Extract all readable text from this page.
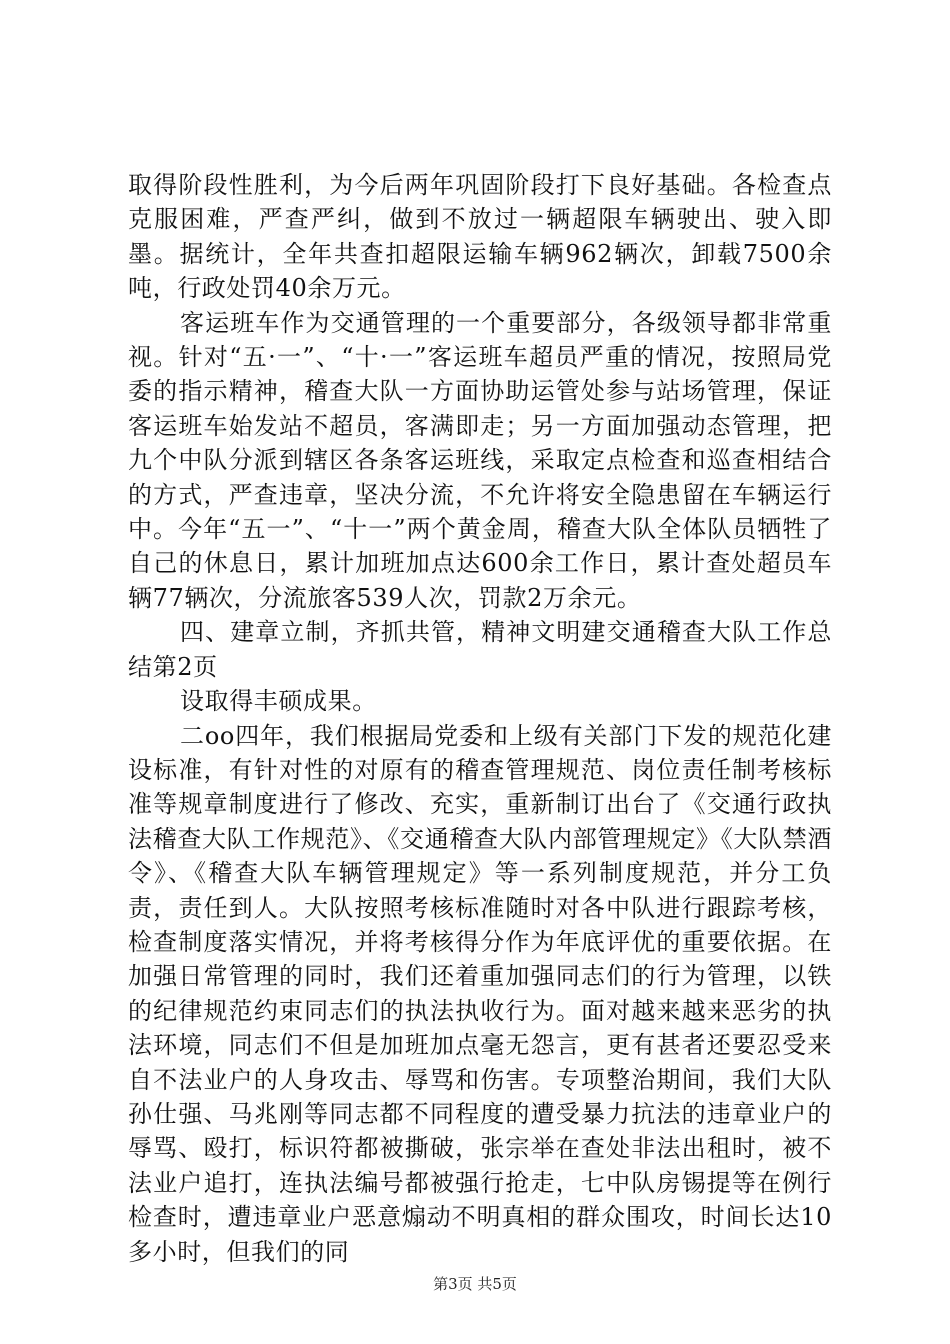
取得阶段性胜利，为今后两年巩固阶段打下良好基础。各检查点克服困难，严查严纠，做到不放过一辆超限车辆驶出、驶入即墨。据统计，全年共查扣超限运输车辆962辆次，卸载7500余吨，行政处罚40余万元。

客运班车作为交通管理的一个重要部分，各级领导都非常重视。针对“五·一”、“十·一”客运班车超员严重的情况，按照局党委的指示精神，稽查大队一方面协助运管处参与站场管理，保证客运班车始发站不超员，客满即走；另一方面加强动态管理，把九个中队分派到辖区各条客运班线，采取定点检查和巡查相结合的方式，严查违章，坚决分流，不允许将安全隐患留在车辆运行中。今年“五一”、“十一”两个黄金周，稽查大队全体队员牺牲了自己的休息日，累计加班加点达600余工作日，累计查处超员车辆77辆次，分流旅客539人次，罚款2万余元。

四、建章立制，齐抓共管，精神文明建交通稽查大队工作总结第2页

设取得丰硕成果。

二oo四年，我们根据局党委和上级有关部门下发的规范化建设标准，有针对性的对原有的稽查管理规范、岗位责任制考核标准等规章制度进行了修改、充实，重新制订出台了《交通行政执法稽查大队工作规范》、《交通稽查大队内部管理规定》《大队禁酒令》、《稽查大队车辆管理规定》等一系列制度规范，并分工负责，责任到人。大队按照考核标准随时对各中队进行跟踪考核，检查制度落实情况，并将考核得分作为年底评优的重要依据。在加强日常管理的同时，我们还着重加强同志们的行为管理，以铁的纪律规范约束同志们的执法执收行为。面对越来越来恶劣的执法环境，同志们不但是加班加点毫无怨言，更有甚者还要忍受来自不法业户的人身攻击、辱骂和伤害。专项整治期间，我们大队孙仕强、马兆刚等同志都不同程度的遭受暴力抗法的违章业户的辱骂、殴打，标识符都被撕破，张宗举在查处非法出租时，被不法业户追打，连执法编号都被强行抢走，七中队房锡提等在例行检查时，遭违章业户恶意煽动不明真相的群众围攻，时间长达10多小时，但我们的同

第3页 共5页
